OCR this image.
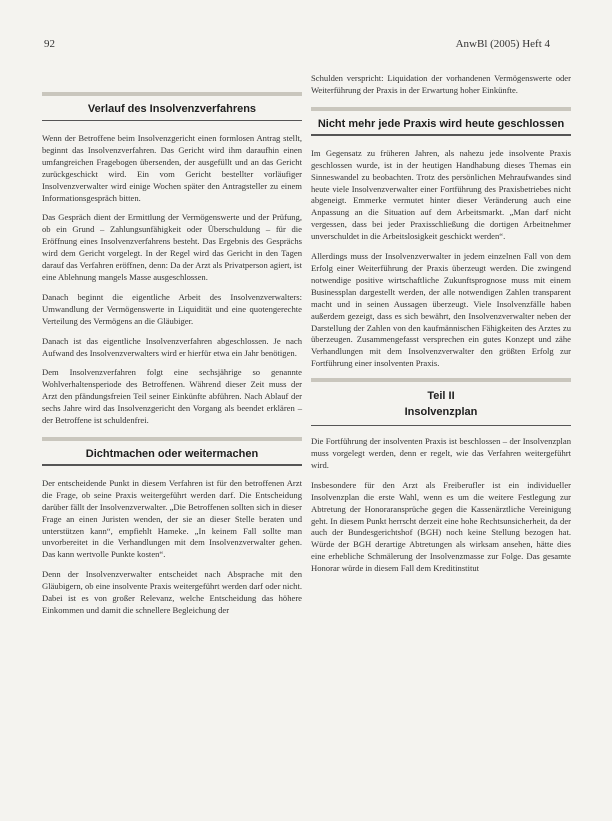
92	AnwBl (2005) Heft 4
Verlauf des Insolvenzverfahrens

Wenn der Betroffene beim Insolvenzgericht einen formlosen Antrag stellt, beginnt das Insolvenzverfahren. Das Gericht wird ihm daraufhin einen umfangreichen Fragebogen übersenden, der ausgefüllt und an das Gericht zurückgeschickt wird. Ein vom Gericht bestellter vorläufiger Insolvenzverwalter wird einige Wochen später den Antragsteller zu einem Informationsgespräch bitten.

Das Gespräch dient der Ermittlung der Vermögenswerte und der Prüfung, ob ein Grund – Zahlungsunfähigkeit oder Überschuldung – für die Eröffnung eines Insolvenzverfahrens besteht. Das Ergebnis des Gesprächs wird dem Gericht vorgelegt. In der Regel wird das Gericht in den Tagen darauf das Verfahren eröffnen, denn: Da der Arzt als Privatperson agiert, ist eine Ablehnung mangels Masse ausgeschlossen.

Danach beginnt die eigentliche Arbeit des Insolvenzverwalters: Umwandlung der Vermögenswerte in Liquidität und eine quotengerechte Verteilung des Vermögens an die Gläubiger.

Danach ist das eigentliche Insolvenzverfahren abgeschlossen. Je nach Aufwand des Insolvenzverwalters wird er hierfür etwa ein Jahr benötigen.

Dem Insolvenzverfahren folgt eine sechsjährige so genannte Wohlverhaltensperiode des Betroffenen. Während dieser Zeit muss der Arzt den pfändungsfreien Teil seiner Einkünfte abführen. Nach Ablauf der sechs Jahre wird das Insolvenzgericht den Vorgang als beendet erklären – der Betroffene ist schuldenfrei.

Dichtmachen oder weitermachen

Der entscheidende Punkt in diesem Verfahren ist für den betroffenen Arzt die Frage, ob seine Praxis weitergeführt werden darf. Die Entscheidung darüber fällt der Insolvenzverwalter. „Die Betroffenen sollten sich in dieser Frage an einen Juristen wenden, der sie an dieser Stelle beraten und unterstützen kann“, empfiehlt Hameke. „In keinem Fall sollte man unvorbereitet in die Verhandlungen mit dem Insolvenzverwalter gehen. Das kann wertvolle Punkte kosten“.

Denn der Insolvenzverwalter entscheidet nach Absprache mit den Gläubigern, ob eine insolvente Praxis weitergeführt werden darf oder nicht. Dabei ist es von großer Relevanz, welche Entscheidung das höhere Einkommen und damit die schnellere Begleichung der

Schulden verspricht: Liquidation der vorhandenen Vermögenswerte oder Weiterführung der Praxis in der Erwartung hoher Einkünfte.

Nicht mehr jede Praxis wird heute geschlossen

Im Gegensatz zu früheren Jahren, als nahezu jede insolvente Praxis geschlossen wurde, ist in der heutigen Handhabung dieses Themas ein Sinneswandel zu beobachten. Trotz des persönlichen Mehraufwandes sind heute viele Insolvenzverwalter einer Fortführung des Praxisbetriebes nicht abgeneigt. Emmerke vermutet hinter dieser Veränderung auch eine Anpassung an die Situation auf dem Arbeitsmarkt. „Man darf nicht vergessen, dass bei jeder Praxisschließung die dortigen Arbeitnehmer unverschuldet in die Arbeitslosigkeit geschickt werden“.

Allerdings muss der Insolvenzverwalter in jedem einzelnen Fall von dem Erfolg einer Weiterführung der Praxis überzeugt werden. Die zwingend notwendige positive wirtschaftliche Zukunftsprognose muss mit einem Businessplan dargestellt werden, der alle notwendigen Zahlen transparent macht und in seinen Aussagen überzeugt. Viele Insolvenzfälle haben außerdem gezeigt, dass es sich bewährt, den Insolvenzverwalter neben der Darstellung der Zahlen von den kaufmännischen Fähigkeiten des Arztes zu überzeugen. Zusammengefasst versprechen ein gutes Konzept und zähe Verhandlungen mit dem Insolvenzverwalter den größten Erfolg zur Fortführung einer insolventen Praxis.

Teil II
Insolvenzplan

Die Fortführung der insolventen Praxis ist beschlossen – der Insolvenzplan muss vorgelegt werden, denn er regelt, wie das Verfahren weitergeführt wird.

Insbesondere für den Arzt als Freiberufler ist ein individueller Insolvenzplan die erste Wahl, wenn es um die weitere Festlegung zur Abtretung der Honoraransprüche gegen die Kassenärztliche Vereinigung geht. In diesem Punkt herrscht derzeit eine hohe Rechtsunsicherheit, da der auch der Bundesgerichtshof (BGH) noch keine Stellung bezogen hat. Würde der BGH derartige Abtretungen als wirksam ansehen, hätte dies eine erhebliche Schmälerung der Insolvenzmasse zur Folge. Das gesamte Honorar würde in diesem Fall dem Kreditinstitut
